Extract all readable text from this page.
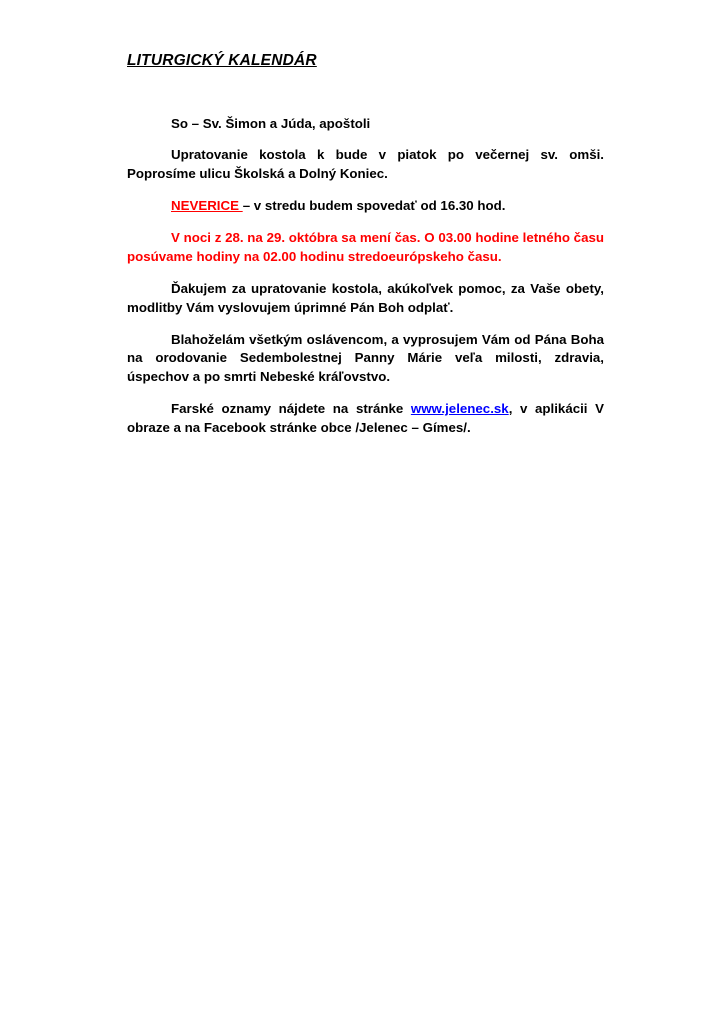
LITURGICKÝ KALENDÁR

So – Sv. Šimon a Júda, apoštoli

Upratovanie kostola k bude v piatok po večernej sv. omši. Poprosíme ulicu Školská a Dolný Koniec.

NEVERICE – v stredu budem spovedať od 16.30 hod.

V noci z 28. na 29. októbra sa mení čas. O 03.00 hodine letného času posúvame hodiny na 02.00 hodinu stredoeurópskeho času.

Ďakujem za upratovanie kostola, akúkoľvek pomoc, za Vaše obety, modlitby Vám vyslovujem úprimné Pán Boh odplať.

Blahoželám všetkým oslávencom, a vyprosujem Vám od Pána Boha na orodovanie Sedembolestnej Panny Márie veľa milosti, zdravia, úspechov a po smrti Nebeské kráľovstvo.

Farské oznamy nájdete na stránke www.jelenec.sk, v aplikácii V obraze a na Facebook stránke obce /Jelenec – Gímes/.
